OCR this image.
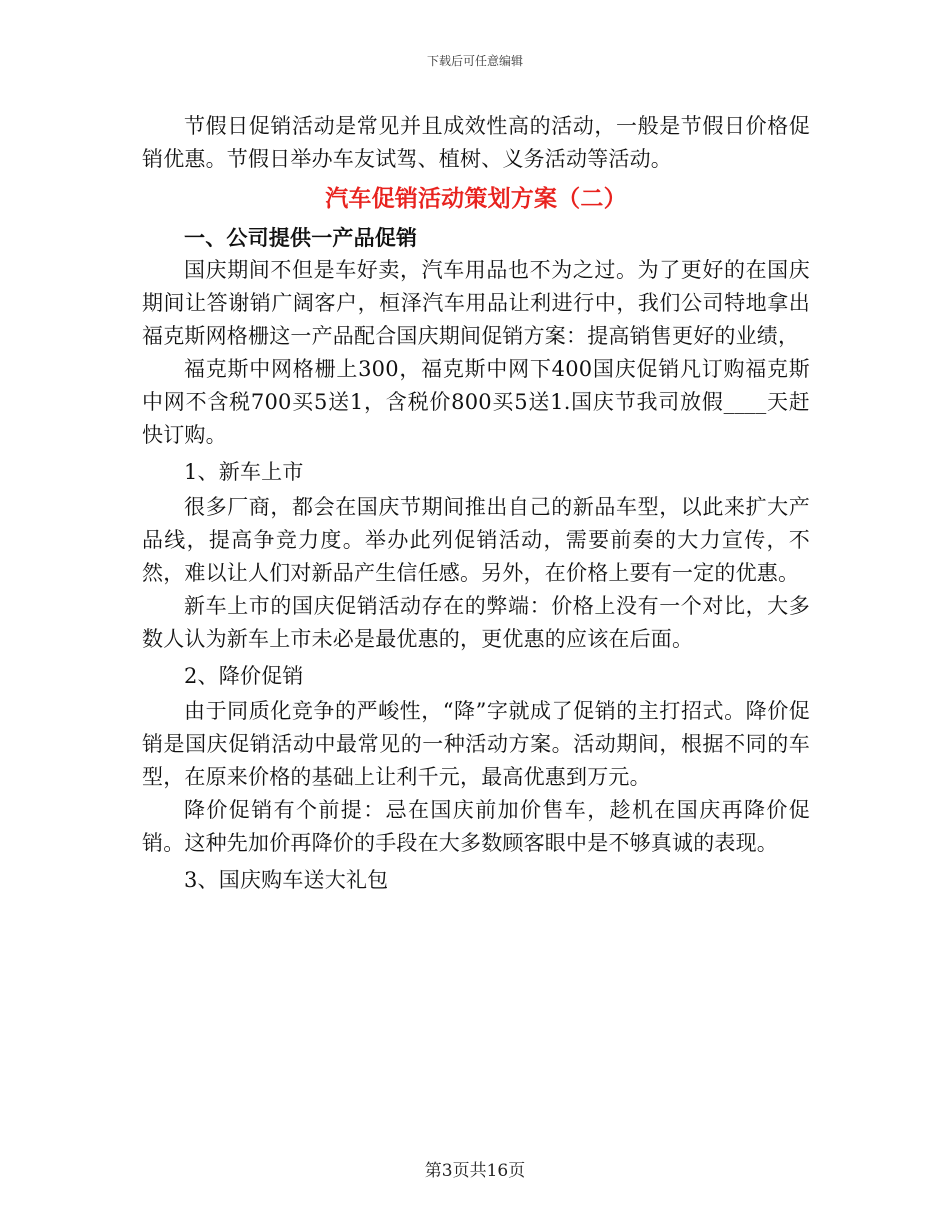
下载后可任意编辑

节假日促销活动是常见并且成效性高的活动，一般是节假日价格促销优惠。节假日举办车友试驾、植树、义务活动等活动。

汽车促销活动策划方案（二）

一、公司提供一产品促销

国庆期间不但是车好卖，汽车用品也不为之过。为了更好的在国庆期间让答谢销广阔客户，桓泽汽车用品让利进行中，我们公司特地拿出福克斯网格栅这一产品配合国庆期间促销方案：提高销售更好的业绩，

福克斯中网格栅上300，福克斯中网下400国庆促销凡订购福克斯中网不含税700买5送1，含税价800买5送1.国庆节我司放假____天赶快订购。

1、新车上市

很多厂商，都会在国庆节期间推出自己的新品车型，以此来扩大产品线，提高争竞力度。举办此列促销活动，需要前奏的大力宣传，不然，难以让人们对新品产生信任感。另外，在价格上要有一定的优惠。

新车上市的国庆促销活动存在的弊端：价格上没有一个对比，大多数人认为新车上市未必是最优惠的，更优惠的应该在后面。

2、降价促销

由于同质化竞争的严峻性，“降”字就成了促销的主打招式。降价促销是国庆促销活动中最常见的一种活动方案。活动期间，根据不同的车型，在原来价格的基础上让利千元，最高优惠到万元。

降价促销有个前提：忌在国庆前加价售车，趁机在国庆再降价促销。这种先加价再降价的手段在大多数顾客眼中是不够真诚的表现。

3、国庆购车送大礼包

第3页共16页
